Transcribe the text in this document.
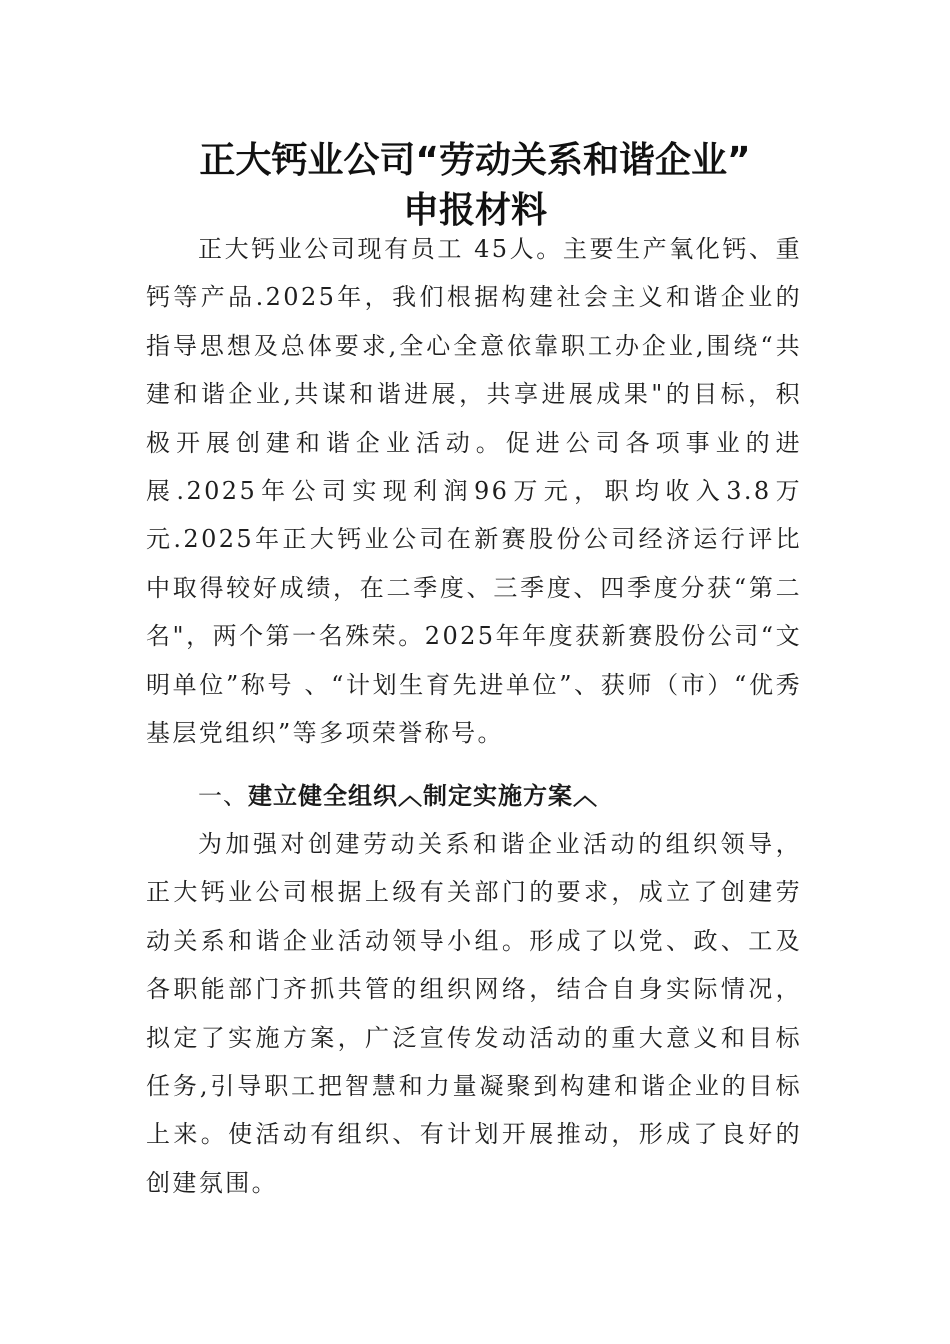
正大钙业公司“劳动关系和谐企业”
申报材料

正大钙业公司现有员工 45人。主要生产氧化钙、重钙等产品.2025年，我们根据构建社会主义和谐企业的指导思想及总体要求,全心全意依靠职工办企业,围绕“共建和谐企业,共谋和谐进展，共享进展成果"的目标，积极开展创建和谐企业活动。促进公司各项事业的进展.2025年公司实现利润96万元，职均收入3.8万元.2025年正大钙业公司在新赛股份公司经济运行评比中取得较好成绩，在二季度、三季度、四季度分获“第二名"，两个第一名殊荣。2025年年度获新赛股份公司“文明单位”称号 、“计划生育先进单位”、获师（市）“优秀基层党组织”等多项荣誉称号。

一、建立健全组织︿制定实施方案︿

为加强对创建劳动关系和谐企业活动的组织领导，正大钙业公司根据上级有关部门的要求，成立了创建劳动关系和谐企业活动领导小组。形成了以党、政、工及各职能部门齐抓共管的组织网络，结合自身实际情况，拟定了实施方案，广泛宣传发动活动的重大意义和目标任务,引导职工把智慧和力量凝聚到构建和谐企业的目标上来。使活动有组织、有计划开展推动，形成了良好的创建氛围。
